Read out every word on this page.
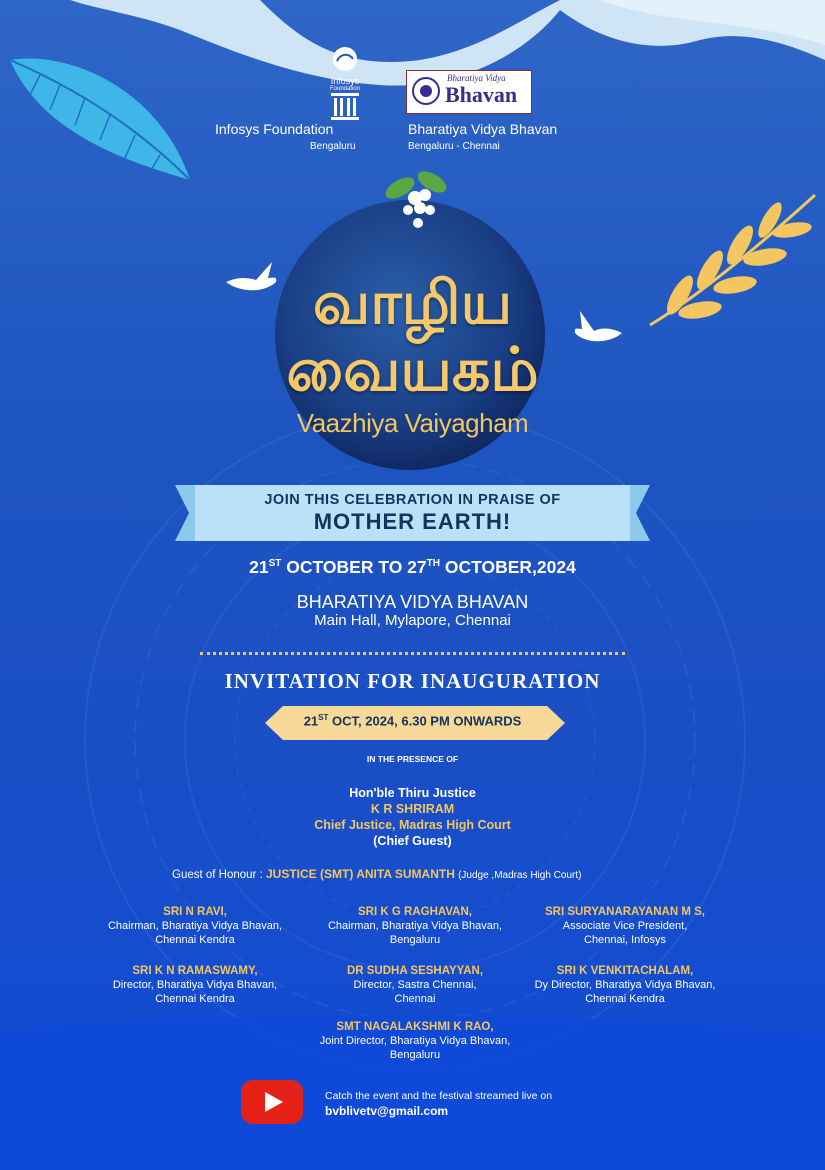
Infosys
Foundation
Bharatiya Vidya
Bhavan
Infosys Foundation
Bengaluru
Bharatiya Vidya Bhavan
Bengaluru - Chennai
வாழிய
வையகம்
Vaazhiya Vaiyagham
JOIN THIS CELEBRATION IN PRAISE OF
MOTHER EARTH!
21ST OCTOBER TO 27TH OCTOBER,2024
BHARATIYA VIDYA BHAVAN
Main Hall, Mylapore, Chennai
INVITATION FOR INAUGURATION
21ST OCT, 2024, 6.30 PM ONWARDS
IN THE PRESENCE OF
Hon'ble Thiru Justice
K R SHRIRAM
Chief Justice, Madras High Court
(Chief Guest)
Guest of Honour : JUSTICE (SMT) ANITA SUMANTH (Judge ,Madras High Court)
SRI N RAVI,
Chairman, Bharatiya Vidya Bhavan,
Chennai Kendra
SRI K G RAGHAVAN,
Chairman, Bharatiya Vidya Bhavan,
Bengaluru
SRI SURYANARAYANAN M S,
Associate Vice President,
Chennai, Infosys
SRI K N RAMASWAMY,
Director, Bharatiya Vidya Bhavan,
Chennai Kendra
DR SUDHA SESHAYYAN,
Director, Sastra Chennai,
Chennai
SRI K VENKITACHALAM,
Dy Director, Bharatiya Vidya Bhavan,
Chennai Kendra
SMT NAGALAKSHMI K RAO,
Joint Director, Bharatiya Vidya Bhavan,
Bengaluru
Catch the event and the festival streamed live on
bvblivetv@gmail.com
